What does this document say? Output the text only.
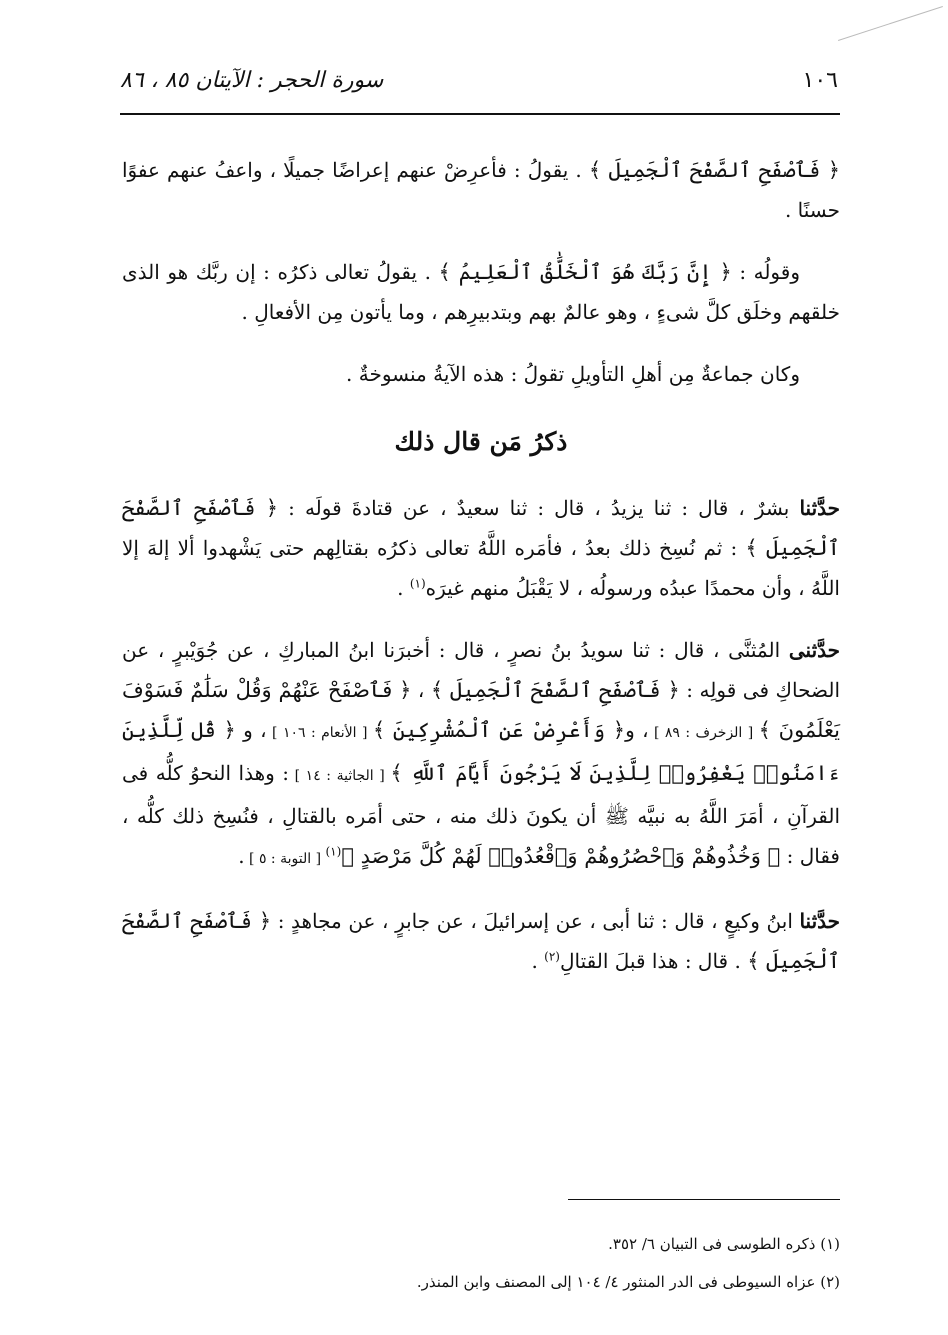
١٠٦
سورة الحجر : الآيتان ٨٥ ، ٨٦

﴿ فَٱصْفَحِ ٱلصَّفْحَ ٱلْجَمِيلَ ﴾ . يقولُ : فأعرِضْ عنهم إعراضًا جميلًا ، واعفُ عنهم عفوًا حسنًا .

وقولُه : ﴿ إِنَّ رَبَّكَ هُوَ ٱلْخَلَّٰقُ ٱلْعَلِيمُ ﴾ . يقولُ تعالى ذكرُه : إن ربَّك هو الذى خلقهم وخلَق كلَّ شىءٍ ، وهو عالمٌ بهم وبتدبيرِهم ، وما يأتون مِن الأفعالِ .

وكان جماعةٌ مِن أهلِ التأويلِ تقولُ : هذه الآيةُ منسوخةٌ .

ذكرُ مَن قال ذلك

حدَّثنا بشرٌ ، قال : ثنا يزيدُ ، قال : ثنا سعيدٌ ، عن قتادةَ قولَه : ﴿ فَٱصْفَحِ ٱلصَّفْحَ ٱلْجَمِيلَ ﴾ : ثم نُسِخ ذلك بعدُ ، فأمَره اللَّهُ تعالى ذكرُه بقتالِهم حتى يَشْهدوا ألا إلهَ إلا اللَّهُ ، وأن محمدًا عبدُه ورسولُه ، لا يَقْبَلُ منهم غيرَه$^{(١)}$ .

حدَّثنى المُثنَّى ، قال : ثنا سويدُ بنُ نصرٍ ، قال : أخبرَنا ابنُ المباركِ ، عن جُوَيْبرٍ ، عن الضحاكِ فى قولِه : ﴿ فَٱصْفَحِ ٱلصَّفْحَ ٱلْجَمِيلَ ﴾ ، ﴿ فَٱصْفَحْ عَنْهُمْ وَقُلْ سَلَٰمٌ فَسَوْفَ يَعْلَمُونَ ﴾ [ الزخرف : ٨٩ ] ، و﴿ وَأَعْرِضْ عَنِ ٱلْمُشْرِكِينَ ﴾ [ الأنعام : ١٠٦ ] ، و ﴿ قُل لِّلَّذِينَ ءَامَنُوا۟ يَغْفِرُوا۟ لِلَّذِينَ لَا يَرْجُونَ أَيَّامَ ٱللَّهِ ﴾ [ الجاثية : ١٤ ] : وهذا النحوُ كلُّه فى القرآنِ ، أمَرَ اللَّهُ به نبيَّه ﷺ أن يكونَ ذلك منه ، حتى أمَره بالقتالِ ، فنُسِخ ذلك كلُّه ، فقال : ﴿ وَخُذُوهُمْ وَٱحْصُرُوهُمْ وَٱقْعُدُوا۟ لَهُمْ كُلَّ مَرْصَدٍ ﴾$^{(١)}$ [ التوبة : ٥ ] .

حدَّثنا ابنُ وكيعٍ ، قال : ثنا أبى ، عن إسرائيلَ ، عن جابرٍ ، عن مجاهدٍ : ﴿ فَٱصْفَحِ ٱلصَّفْحَ ٱلْجَمِيلَ ﴾ . قال : هذا قبلَ القتالِ$^{(٢)}$ .

(١) ذكره الطوسى فى التبيان ٦/ ٣٥٢.
(٢) عزاه السيوطى فى الدر المنثور ٤/ ١٠٤ إلى المصنف وابن المنذر.
